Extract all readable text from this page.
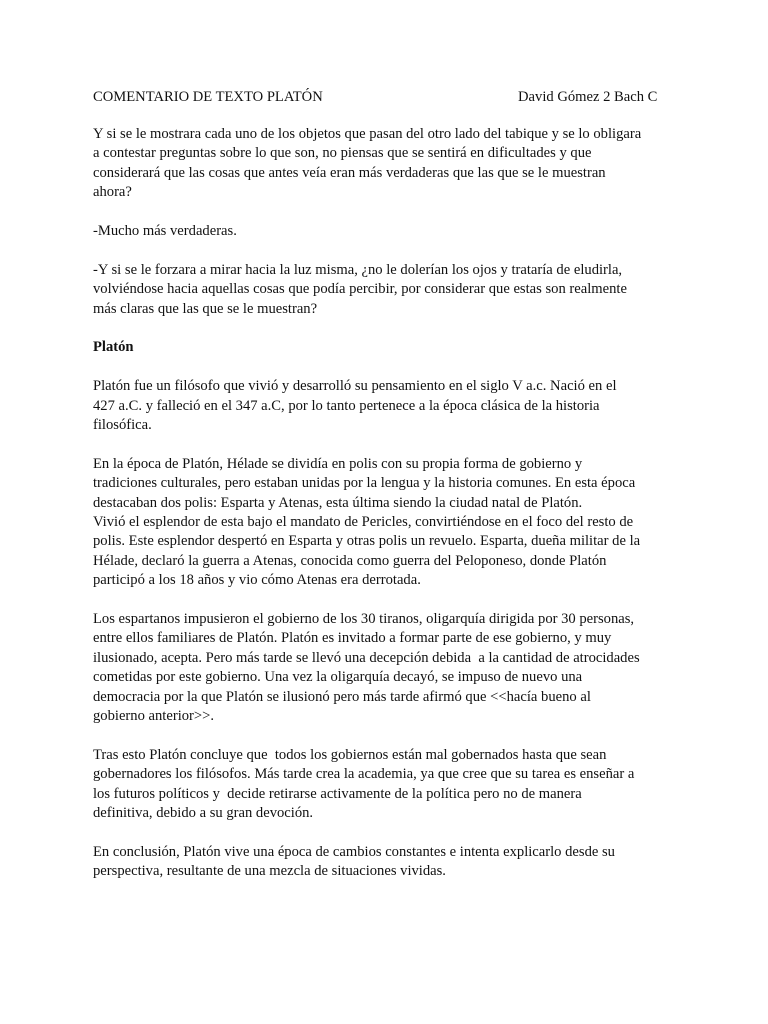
COMENTARIO DE TEXTO PLATÓN	David Gómez 2 Bach C

Y si se le mostrara cada uno de los objetos que pasan del otro lado del tabique y se lo obligara
a contestar preguntas sobre lo que son, no piensas que se sentirá en dificultades y que
considerará que las cosas que antes veía eran más verdaderas que las que se le muestran
ahora?

-Mucho más verdaderas.

-Y si se le forzara a mirar hacia la luz misma, ¿no le dolerían los ojos y trataría de eludirla,
volviéndose hacia aquellas cosas que podía percibir, por considerar que estas son realmente
más claras que las que se le muestran?

Platón

Platón fue un filósofo que vivió y desarrolló su pensamiento en el siglo V a.c. Nació en el
427 a.C. y falleció en el 347 a.C, por lo tanto pertenece a la época clásica de la historia
filosófica.

En la época de Platón, Hélade se dividía en polis con su propia forma de gobierno y
tradiciones culturales, pero estaban unidas por la lengua y la historia comunes. En esta época
destacaban dos polis: Esparta y Atenas, esta última siendo la ciudad natal de Platón.
Vivió el esplendor de esta bajo el mandato de Pericles, convirtiéndose en el foco del resto de
polis. Este esplendor despertó en Esparta y otras polis un revuelo. Esparta, dueña militar de la
Hélade, declaró la guerra a Atenas, conocida como guerra del Peloponeso, donde Platón
participó a los 18 años y vio cómo Atenas era derrotada.

Los espartanos impusieron el gobierno de los 30 tiranos, oligarquía dirigida por 30 personas,
entre ellos familiares de Platón. Platón es invitado a formar parte de ese gobierno, y muy
ilusionado, acepta. Pero más tarde se llevó una decepción debida  a la cantidad de atrocidades
cometidas por este gobierno. Una vez la oligarquía decayó, se impuso de nuevo una
democracia por la que Platón se ilusionó pero más tarde afirmó que <<hacía bueno al
gobierno anterior>>.

Tras esto Platón concluye que  todos los gobiernos están mal gobernados hasta que sean
gobernadores los filósofos. Más tarde crea la academia, ya que cree que su tarea es enseñar a
los futuros políticos y  decide retirarse activamente de la política pero no de manera
definitiva, debido a su gran devoción.

En conclusión, Platón vive una época de cambios constantes e intenta explicarlo desde su
perspectiva, resultante de una mezcla de situaciones vividas.
